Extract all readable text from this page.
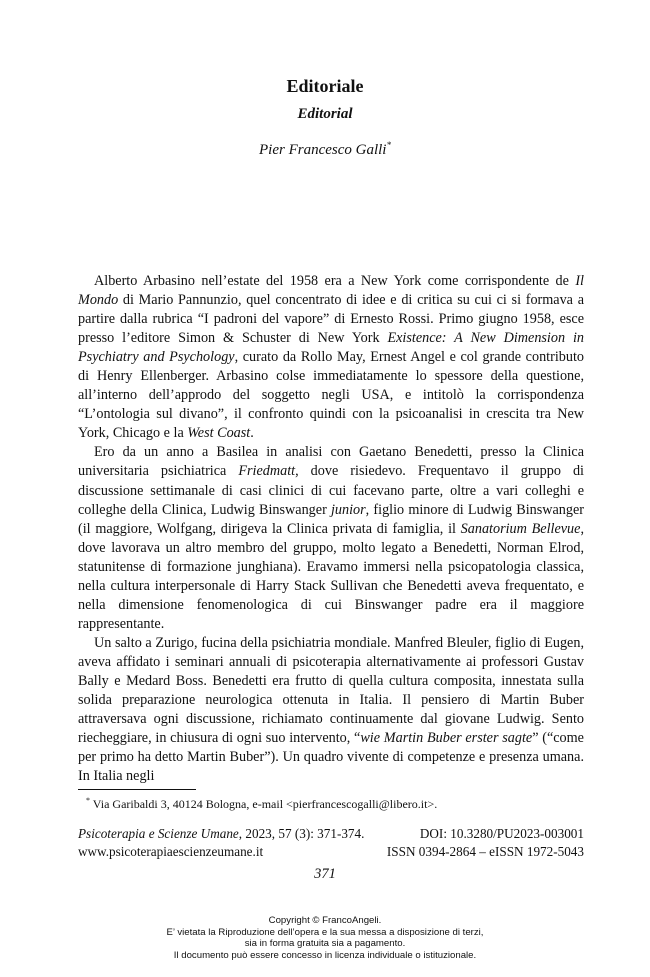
Editoriale
Editorial
Pier Francesco Galli*

Alberto Arbasino nell’estate del 1958 era a New York come corrispondente de Il Mondo di Mario Pannunzio, quel concentrato di idee e di critica su cui ci si formava a partire dalla rubrica “I padroni del vapore” di Ernesto Rossi. Primo giugno 1958, esce presso l’editore Simon & Schuster di New York Existence: A New Dimension in Psychiatry and Psychology, curato da Rollo May, Ernest Angel e col grande contributo di Henry Ellenberger. Arbasino colse immediatamente lo spessore della questione, all’interno dell’approdo del soggetto negli USA, e intitolò la corrispondenza “L’ontologia sul divano”, il confronto quindi con la psicoanalisi in crescita tra New York, Chicago e la West Coast.

Ero da un anno a Basilea in analisi con Gaetano Benedetti, presso la Clinica universitaria psichiatrica Friedmatt, dove risiedevo. Frequentavo il gruppo di discussione settimanale di casi clinici di cui facevano parte, oltre a vari colleghi e colleghe della Clinica, Ludwig Binswanger junior, figlio minore di Ludwig Binswanger (il maggiore, Wolfgang, dirigeva la Clinica privata di famiglia, il Sanatorium Bellevue, dove lavorava un altro membro del gruppo, molto legato a Benedetti, Norman Elrod, statunitense di formazione junghiana). Eravamo immersi nella psicopatologia classica, nella cultura interpersonale di Harry Stack Sullivan che Benedetti aveva frequentato, e nella dimensione fenomenologica di cui Binswanger padre era il maggiore rappresentante.

Un salto a Zurigo, fucina della psichiatria mondiale. Manfred Bleuler, figlio di Eugen, aveva affidato i seminari annuali di psicoterapia alternativamente ai professori Gustav Bally e Medard Boss. Benedetti era frutto di quella cultura composita, innestata sulla solida preparazione neurologica ottenuta in Italia. Il pensiero di Martin Buber attraversava ogni discussione, richiamato continuamente dal giovane Ludwig. Sento riecheggiare, in chiusura di ogni suo intervento, “wie Martin Buber erster sagte” (“come per primo ha detto Martin Buber”). Un quadro vivente di competenze e presenza umana. In Italia negli

* Via Garibaldi 3, 40124 Bologna, e-mail <pierfrancescogalli@libero.it>.
Psicoterapia e Scienze Umane, 2023, 57 (3): 371-374.	DOI: 10.3280/PU2023-003001
www.psicoterapiaescienzeumane.it	ISSN 0394-2864 – eISSN 1972-5043
371
Copyright © FrancoAngeli.
E’ vietata la Riproduzione dell’opera e la sua messa a disposizione di terzi,
sia in forma gratuita sia a pagamento.
Il documento può essere concesso in licenza individuale o istituzionale.
